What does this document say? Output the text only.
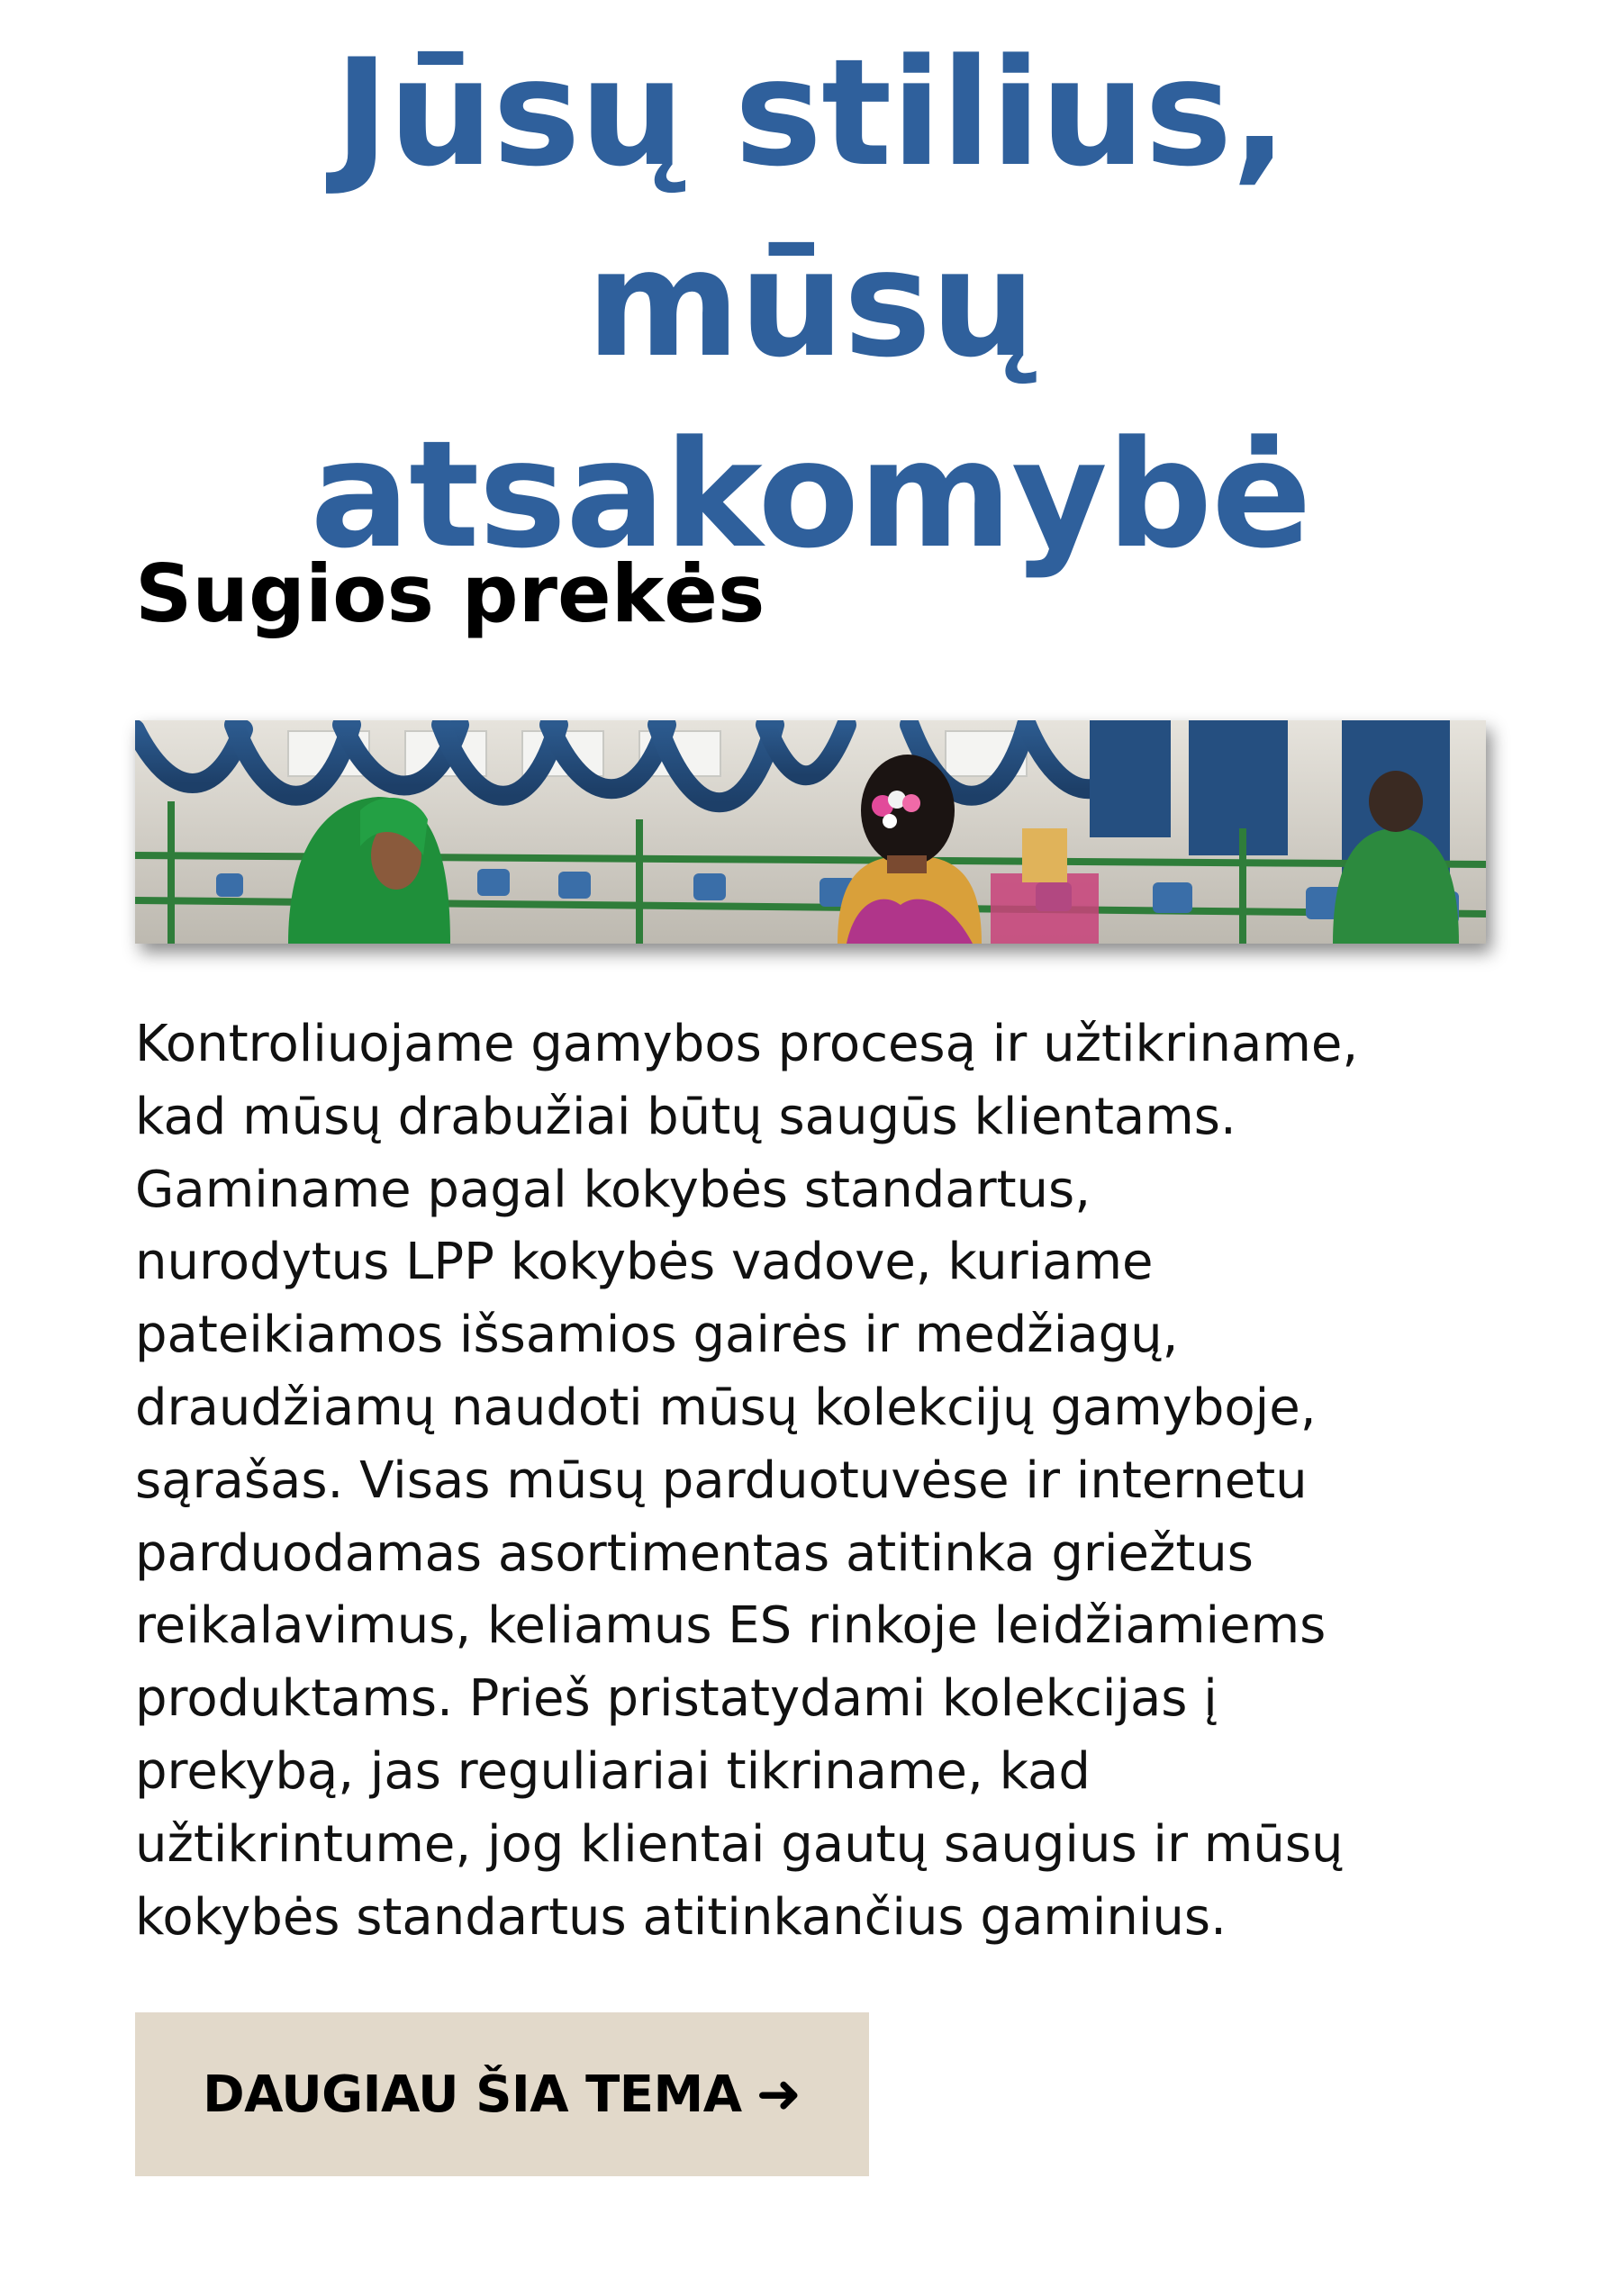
Jūsų stilius, mūsų
atsakomybė
Sugios prekės

Kontroliuojame gamybos procesą ir užtikriname,
kad mūsų drabužiai būtų saugūs klientams.
Gaminame pagal kokybės standartus,
nurodytus LPP kokybės vadove, kuriame
pateikiamos išsamios gairės ir medžiagų,
draudžiamų naudoti mūsų kolekcijų gamyboje,
sąrašas. Visas mūsų parduotuvėse ir internetu
parduodamas asortimentas atitinka griežtus
reikalavimus, keliamus ES rinkoje leidžiamiems
produktams. Prieš pristatydami kolekcijas į
prekybą, jas reguliariai tikriname, kad
užtikrintume, jog klientai gautų saugius ir mūsų
kokybės standartus atitinkančius gaminius.

DAUGIAU ŠIA TEMA ➜
